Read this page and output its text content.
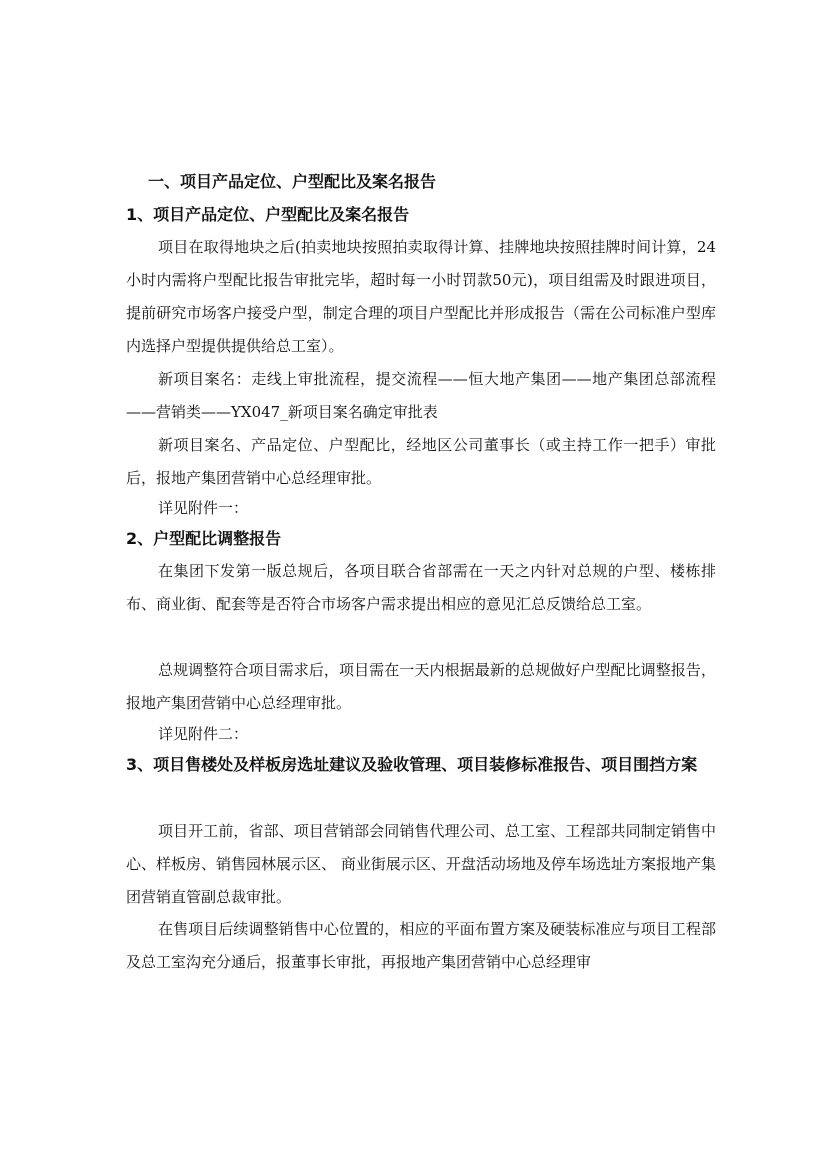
一、项目产品定位、户型配比及案名报告
1、项目产品定位、户型配比及案名报告
项目在取得地块之后(拍卖地块按照拍卖取得计算、挂牌地块按照挂牌时间计算，24小时内需将户型配比报告审批完毕，超时每一小时罚款50元)，项目组需及时跟进项目，提前研究市场客户接受户型，制定合理的项目户型配比并形成报告（需在公司标准户型库内选择户型提供提供给总工室）。
新项目案名：走线上审批流程，提交流程——恒大地产集团——地产集团总部流程——营销类——YX047_新项目案名确定审批表
新项目案名、产品定位、户型配比，经地区公司董事长（或主持工作一把手）审批后，报地产集团营销中心总经理审批。
详见附件一：
2、户型配比调整报告
在集团下发第一版总规后，各项目联合省部需在一天之内针对总规的户型、楼栋排布、商业街、配套等是否符合市场客户需求提出相应的意见汇总反馈给总工室。
总规调整符合项目需求后，项目需在一天内根据最新的总规做好户型配比调整报告，报地产集团营销中心总经理审批。
详见附件二：
3、项目售楼处及样板房选址建议及验收管理、项目装修标准报告、项目围挡方案
项目开工前，省部、项目营销部会同销售代理公司、总工室、工程部共同制定销售中心、样板房、销售园林展示区、 商业街展示区、开盘活动场地及停车场选址方案报地产集团营销直管副总裁审批。
在售项目后续调整销售中心位置的，相应的平面布置方案及硬装标准应与项目工程部及总工室沟充分通后，报董事长审批，再报地产集团营销中心总经理审
